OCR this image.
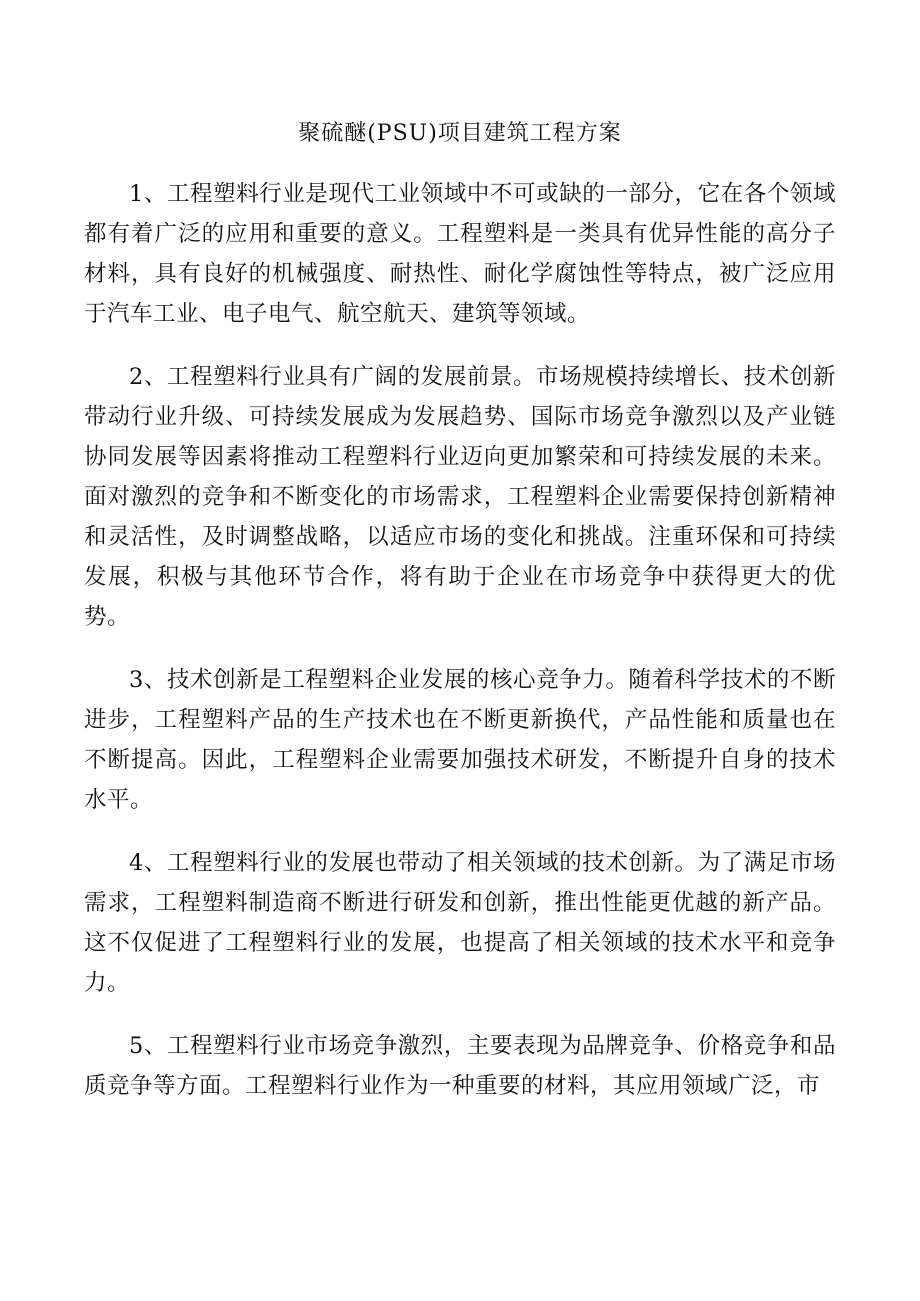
聚硫醚(PSU)项目建筑工程方案

1、工程塑料行业是现代工业领域中不可或缺的一部分，它在各个领域都有着广泛的应用和重要的意义。工程塑料是一类具有优异性能的高分子材料，具有良好的机械强度、耐热性、耐化学腐蚀性等特点，被广泛应用于汽车工业、电子电气、航空航天、建筑等领域。

2、工程塑料行业具有广阔的发展前景。市场规模持续增长、技术创新带动行业升级、可持续发展成为发展趋势、国际市场竞争激烈以及产业链协同发展等因素将推动工程塑料行业迈向更加繁荣和可持续发展的未来。面对激烈的竞争和不断变化的市场需求，工程塑料企业需要保持创新精神和灵活性，及时调整战略，以适应市场的变化和挑战。注重环保和可持续发展，积极与其他环节合作，将有助于企业在市场竞争中获得更大的优势。

3、技术创新是工程塑料企业发展的核心竞争力。随着科学技术的不断进步，工程塑料产品的生产技术也在不断更新换代，产品性能和质量也在不断提高。因此，工程塑料企业需要加强技术研发，不断提升自身的技术水平。

4、工程塑料行业的发展也带动了相关领域的技术创新。为了满足市场需求，工程塑料制造商不断进行研发和创新，推出性能更优越的新产品。这不仅促进了工程塑料行业的发展，也提高了相关领域的技术水平和竞争力。

5、工程塑料行业市场竞争激烈，主要表现为品牌竞争、价格竞争和品质竞争等方面。工程塑料行业作为一种重要的材料，其应用领域广泛，市
